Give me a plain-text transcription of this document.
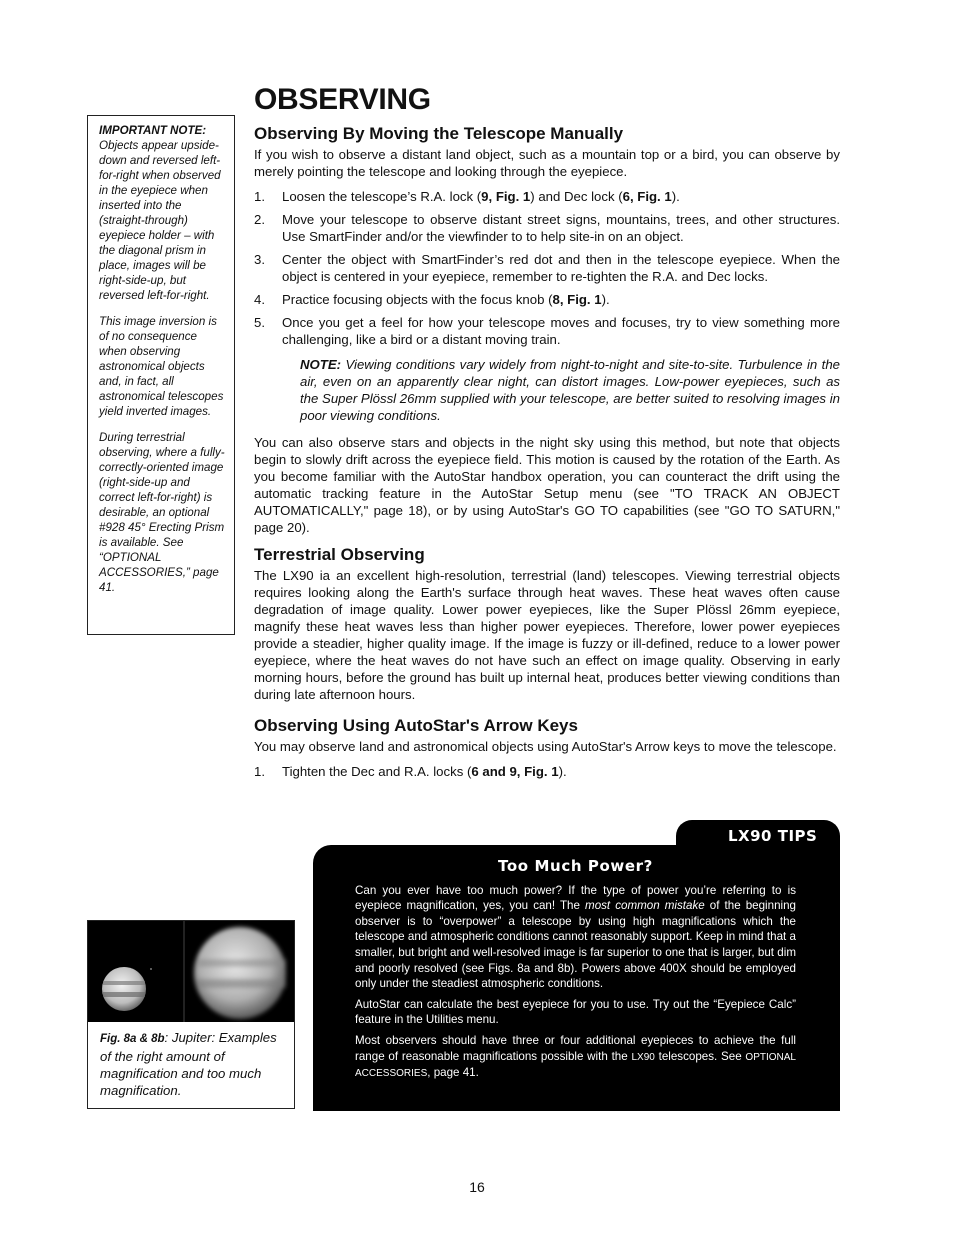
OBSERVING

IMPORTANT NOTE:
Objects appear upside-down and reversed left-for-right when observed in the eyepiece when inserted into the (straight-through) eyepiece holder – with the diagonal prism in place, images will be right-side-up, but reversed left-for-right.

This image inversion is of no consequence when observing astronomical objects and, in fact, all astronomical telescopes yield inverted images.

During terrestrial observing, where a fully-correctly-oriented image (right-side-up and correct left-for-right) is desirable, an optional #928 45° Erecting Prism is available. See “OPTIONAL ACCESSORIES,” page 41.

Observing By Moving the Telescope Manually

If you wish to observe a distant land object, such as a mountain top or a bird, you can observe by merely pointing the telescope and looking through the eyepiece.

1. Loosen the telescope’s R.A. lock (9, Fig. 1) and Dec lock (6, Fig. 1).
2. Move your telescope to observe distant street signs, mountains, trees, and other structures. Use SmartFinder and/or the viewfinder to to help site-in on an object.
3. Center the object with SmartFinder’s red dot and then in the telescope eyepiece. When the object is centered in your eyepiece, remember to re-tighten the R.A. and Dec locks.
4. Practice focusing objects with the focus knob (8, Fig. 1).
5. Once you get a feel for how your telescope moves and focuses, try to view something more challenging, like a bird or a distant moving train.
NOTE: Viewing conditions vary widely from night-to-night and site-to-site. Turbulence in the air, even on an apparently clear night, can distort images. Low-power eyepieces, such as the Super Plössl 26mm supplied with your telescope, are better suited to resolving images in poor viewing conditions.

You can also observe stars and objects in the night sky using this method, but note that objects begin to slowly drift across the eyepiece field. This motion is caused by the rotation of the Earth. As you become familiar with the AutoStar handbox operation, you can counteract the drift using the automatic tracking feature in the AutoStar Setup menu (see "TO TRACK AN OBJECT AUTOMATICALLY," page 18), or by using AutoStar's GO TO capabilities (see "GO TO SATURN," page 20).

Terrestrial Observing

The LX90 ia an excellent high-resolution, terrestrial (land) telescopes. Viewing terrestrial objects requires looking along the Earth's surface through heat waves. These heat waves often cause degradation of image quality. Lower power eyepieces, like the Super Plössl 26mm eyepiece, magnify these heat waves less than higher power eyepieces. Therefore, lower power eyepieces provide a steadier, higher quality image. If the image is fuzzy or ill-defined, reduce to a lower power eyepiece, where the heat waves do not have such an effect on image quality. Observing in early morning hours, before the ground has built up internal heat, produces better viewing conditions than during late afternoon hours.

Observing Using AutoStar's Arrow Keys

You may observe land and astronomical objects using AutoStar's Arrow keys to move the telescope.

1. Tighten the Dec and R.A. locks (6 and 9, Fig. 1).
Fig. 8a & 8b: Jupiter: Examples of the right amount of magnification and too much magnification.
LX90 TIPS
Too Much Power?

Can you ever have too much power? If the type of power you’re referring to is eyepiece magnification, yes, you can! The most common mistake of the beginning observer is to “overpower” a telescope by using high magnifications which the telescope and atmospheric conditions cannot reasonably support. Keep in mind that a smaller, but bright and well-resolved image is far superior to one that is larger, but dim and poorly resolved (see Figs. 8a and 8b). Powers above 400X should be employed only under the steadiest atmospheric conditions.

AutoStar can calculate the best eyepiece for you to use. Try out the “Eyepiece Calc” feature in the Utilities menu.

Most observers should have three or four additional eyepieces to achieve the full range of reasonable magnifications possible with the LX90 telescopes. See OPTIONAL ACCESSORIES, page 41.

16
